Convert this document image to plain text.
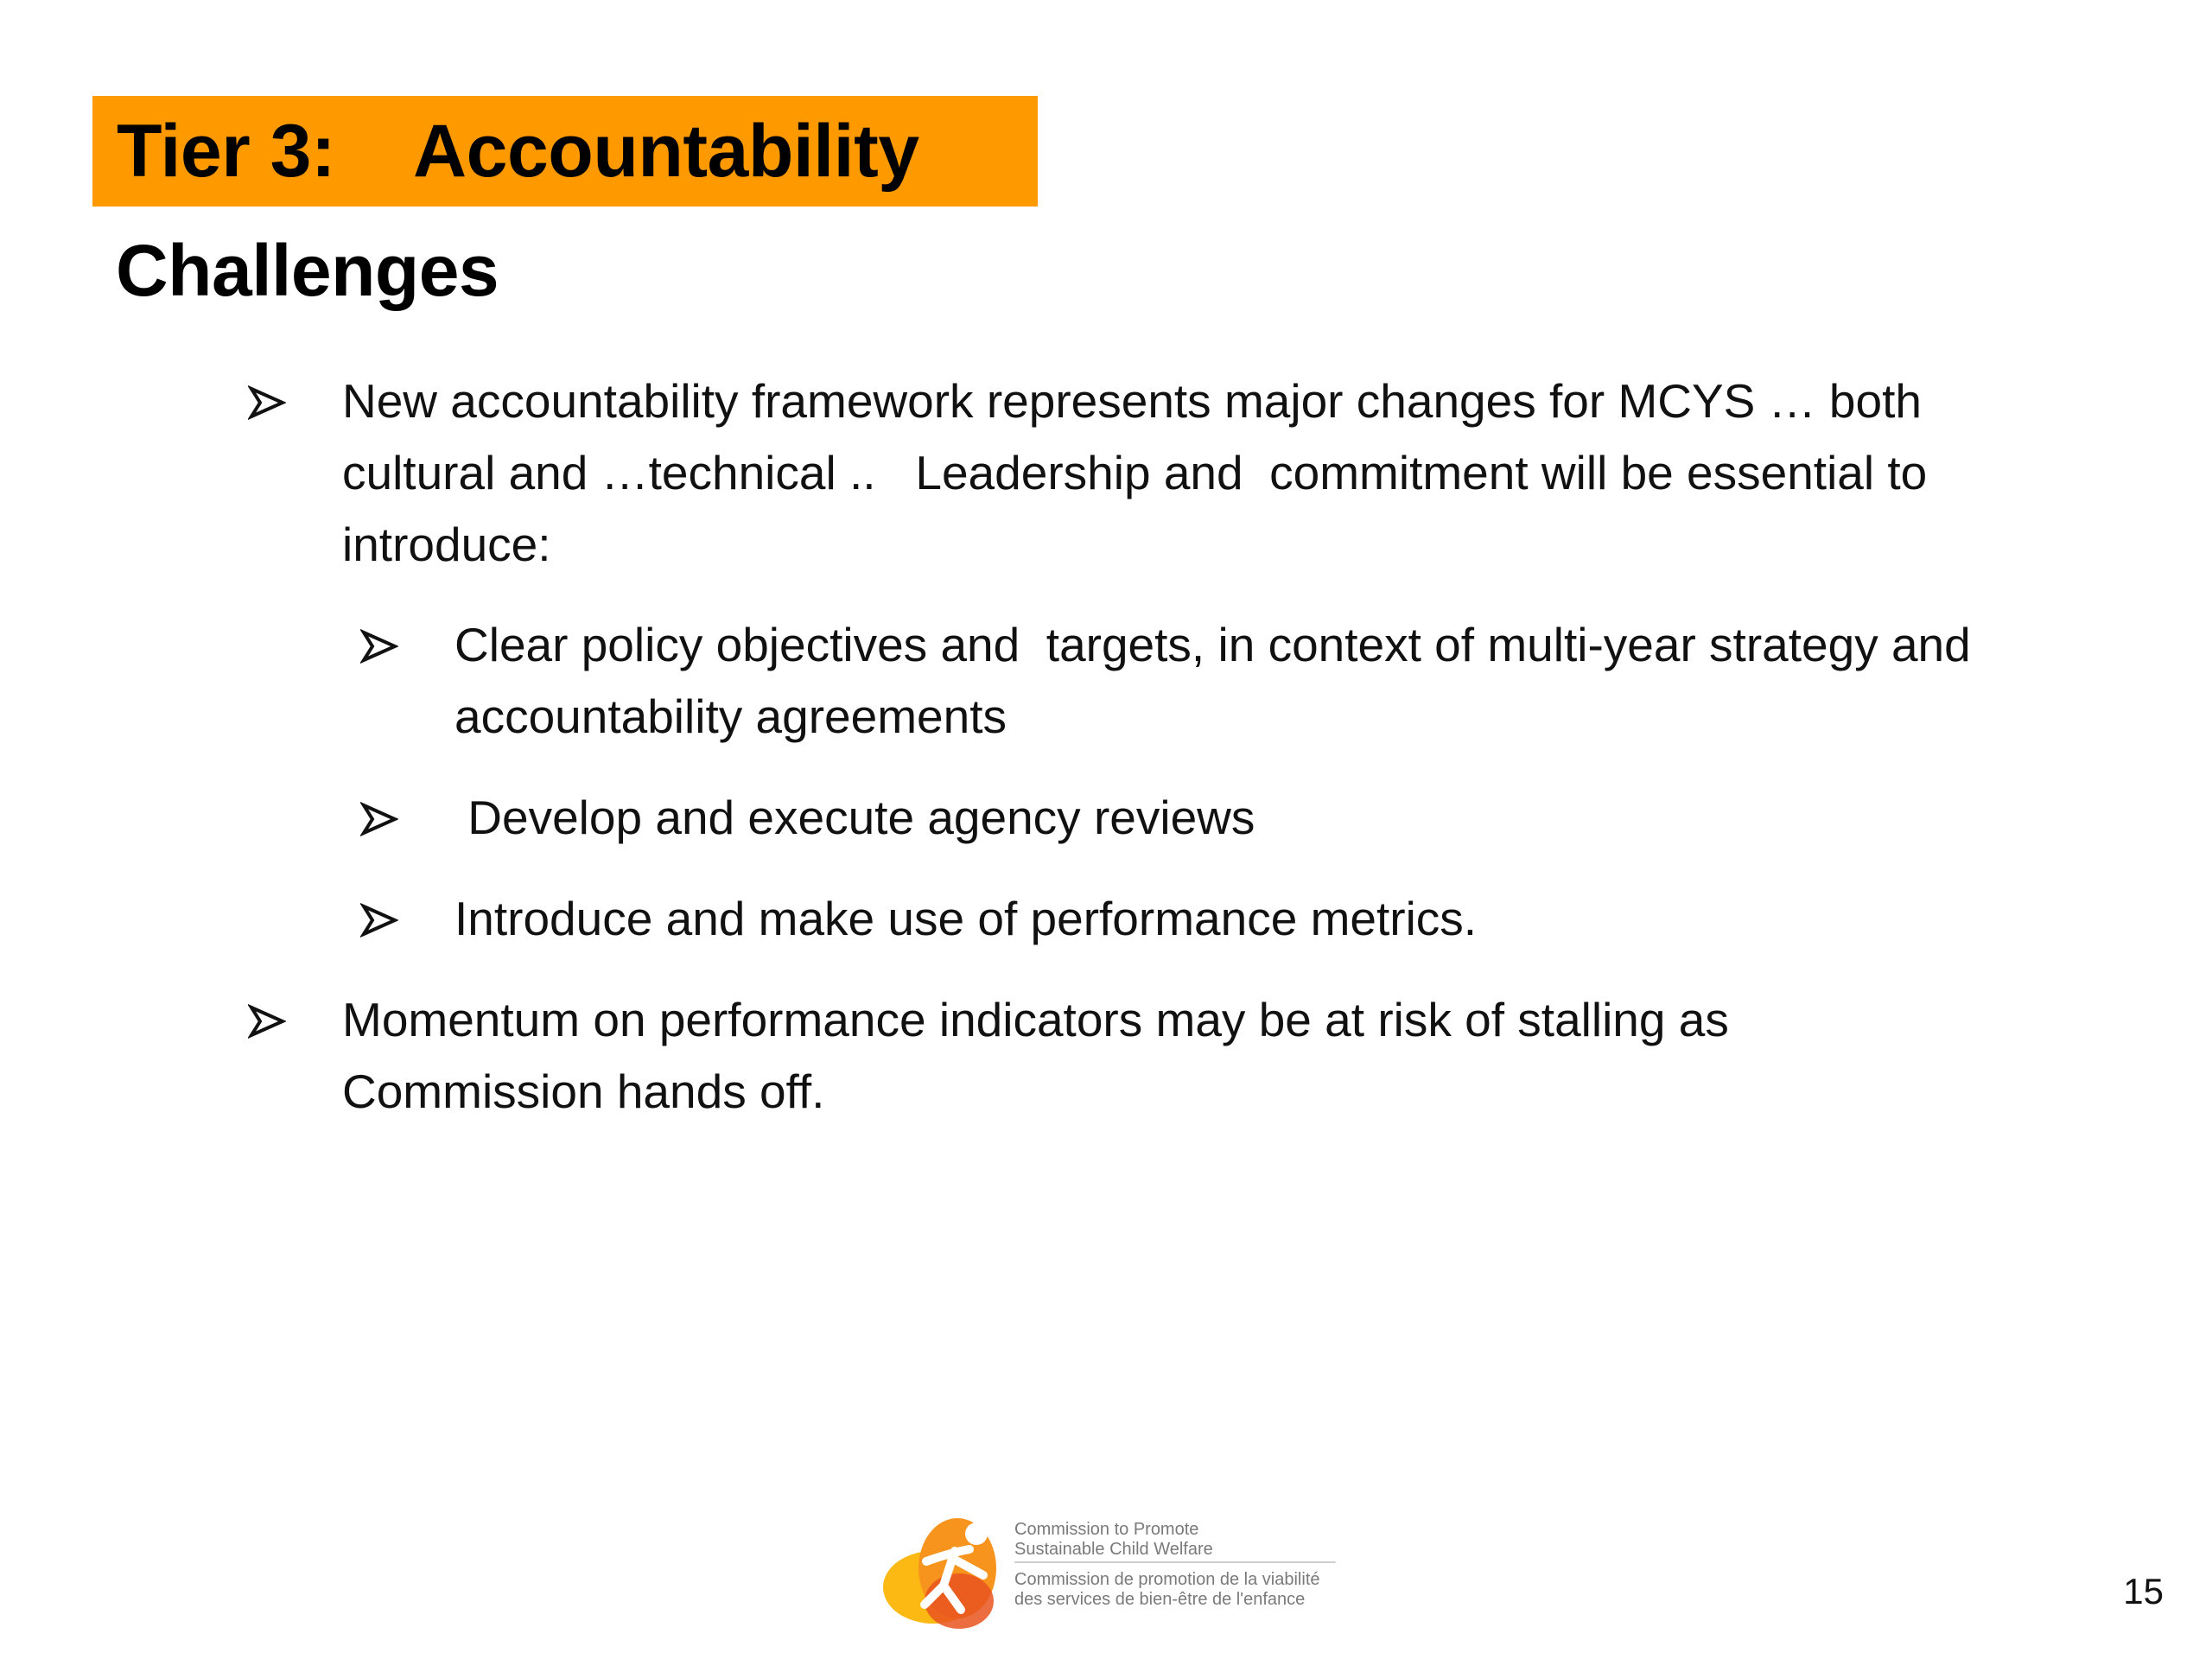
Tier 3: Accountability
Challenges
New accountability framework represents major changes for MCYS … both
cultural and …technical ..   Leadership and  commitment will be essential to
introduce:
Clear policy objectives and  targets, in context of multi-year strategy and
accountability agreements
Develop and execute agency reviews
Introduce and make use of performance metrics.
Momentum on performance indicators may be at risk of stalling as
Commission hands off.
Commission to Promote
Sustainable Child Welfare
Commission de promotion de la viabilité
des services de bien-être de l'enfance	15
